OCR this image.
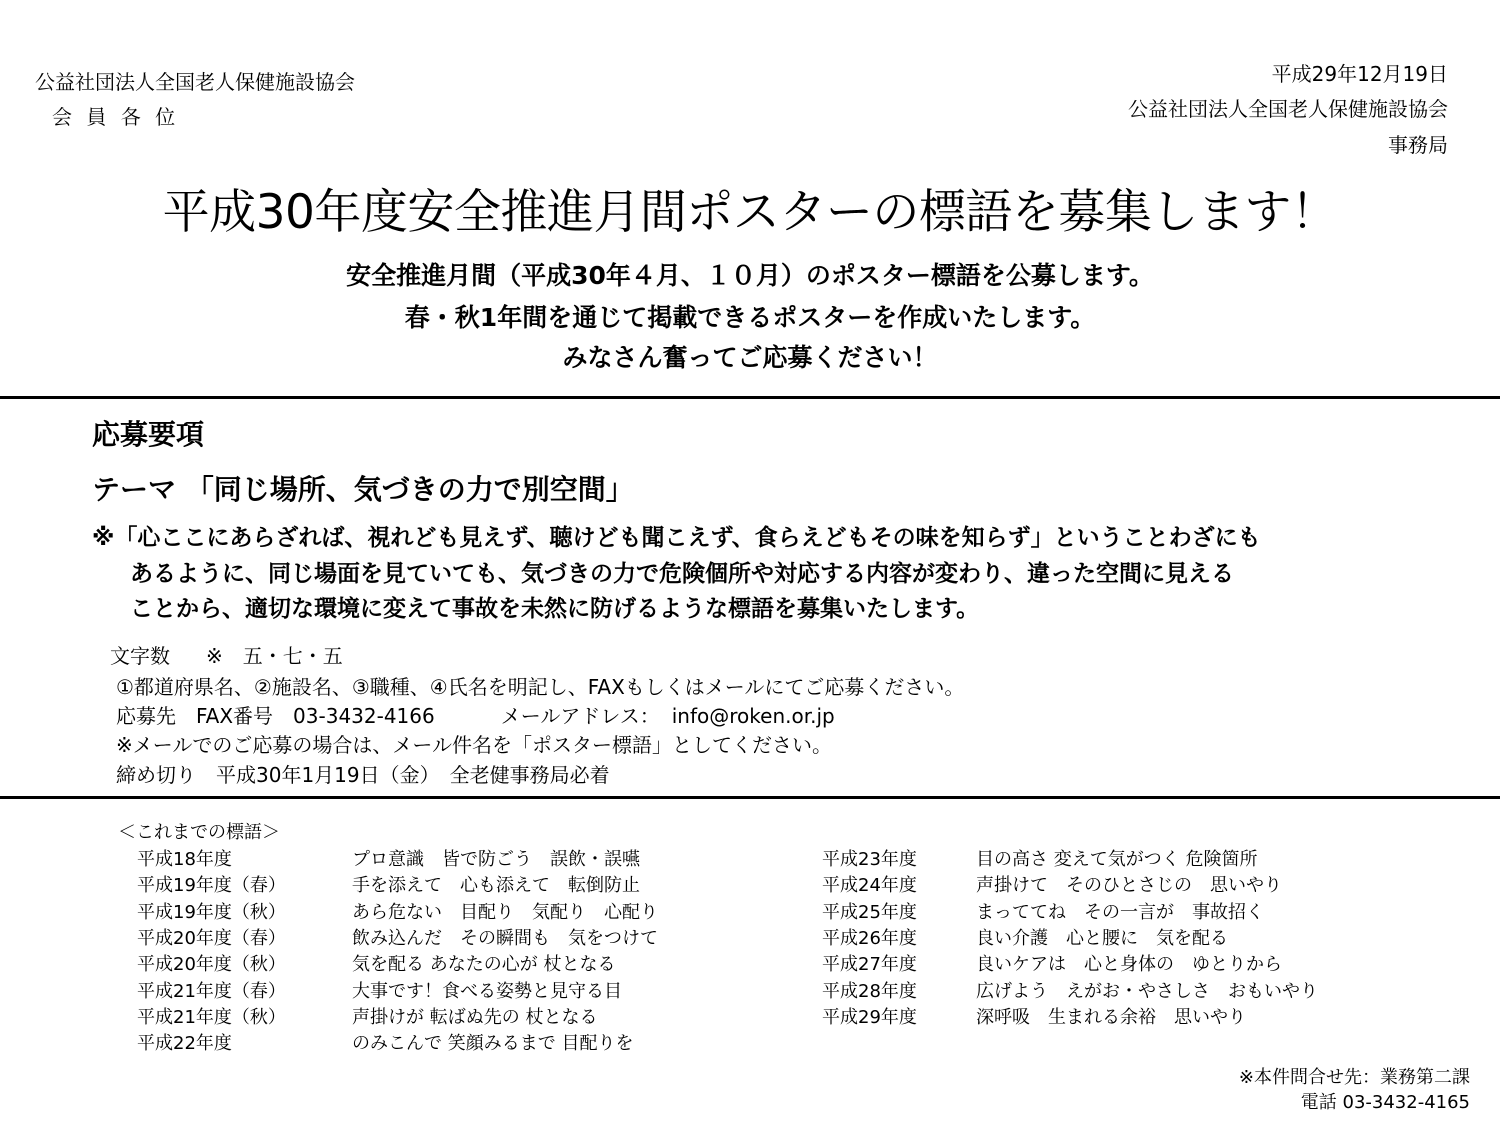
公益社団法人全国老人保健施設協会
会 員 各 位
平成29年12月19日
公益社団法人全国老人保健施設協会
事務局
平成30年度安全推進月間ポスターの標語を募集します！
安全推進月間（平成30年４月、１０月）のポスター標語を公募します。
春・秋1年間を通じて掲載できるポスターを作成いたします。
みなさん奮ってご応募ください！
応募要項
テーマ 「同じ場所、気づきの力で別空間」
※「心ここにあらざれば、視れども見えず、聴けども聞こえず、食らえどもその味を知らず」ということわざにも
あるように、同じ場面を見ていても、気づきの力で危険個所や対応する内容が変わり、違った空間に見える
ことから、適切な環境に変えて事故を未然に防げるような標語を募集いたします。
文字数 ※　五・七・五
①都道府県名、②施設名、③職種、④氏名を明記し、FAXもしくはメールにてご応募ください。
応募先　FAX番号　03-3432-4166	メールアドレス： info@roken.or.jp
※メールでのご応募の場合は、メール件名を「ポスター標語」としてください。
締め切り　平成30年1月19日（金）　全老健事務局必着
＜これまでの標語＞
平成18年度	プロ意識　皆で防ごう　誤飲・誤嚥
平成19年度（春）	手を添えて　心も添えて　転倒防止
平成19年度（秋）	あら危ない　目配り　気配り　心配り
平成20年度（春）	飲み込んだ　その瞬間も　気をつけて
平成20年度（秋）	気を配る あなたの心が 杖となる
平成21年度（春）	大事です！食べる姿勢と見守る目
平成21年度（秋）	声掛けが 転ばぬ先の 杖となる
平成22年度	のみこんで 笑顔みるまで 目配りを
平成23年度	目の高さ 変えて気がつく 危険箇所
平成24年度	声掛けて　そのひとさじの　思いやり
平成25年度	まっててね　その一言が　事故招く
平成26年度	良い介護　心と腰に　気を配る
平成27年度	良いケアは　心と身体の　ゆとりから
平成28年度	広げよう　えがお・やさしさ　おもいやり
平成29年度	深呼吸　生まれる余裕　思いやり
※本件問合せ先：業務第二課
電話 03-3432-4165
